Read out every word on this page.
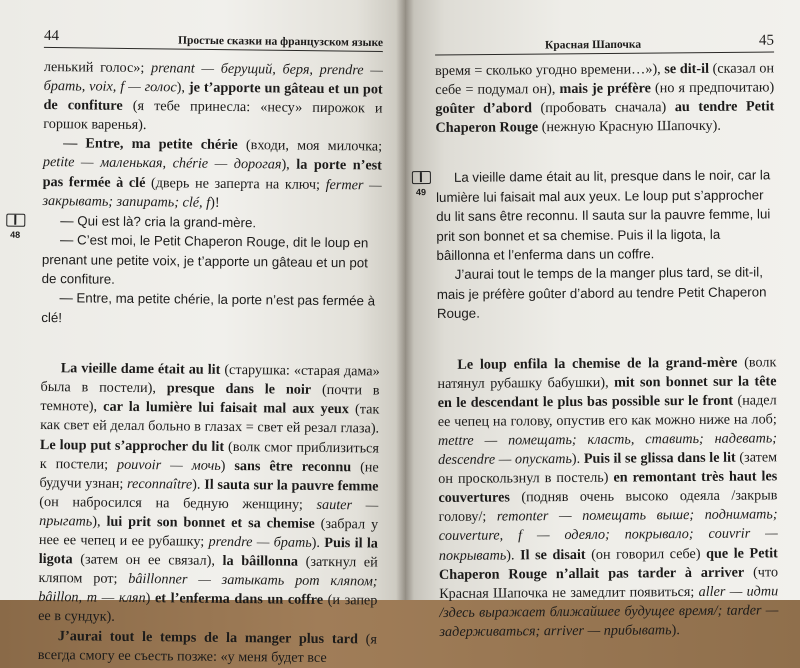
44	Простые сказки на французском языке

ленький голос»; prenant — берущий, беря, prendre — брать, voix, f — голос), je t’apporte un gâteau et un pot de confiture (я тебе принесла: «несу» пирожок и горшок варенья).

— Entre, ma petite chérie (входи, моя милочка; petite — маленькая, chérie — дорогая), la porte n’est pas fermée à clé (дверь не заперта на ключ; fermer — закрывать; запирать; clé, f)!

48

— Qui est là? cria la grand-mère.

— C’est moi, le Petit Chaperon Rouge, dit le loup en prenant une petite voix, je t’apporte un gâteau et un pot de confiture.

— Entre, ma petite chérie, la porte n’est pas fermée à clé!

La vieille dame était au lit (старушка: «старая дама» была в постели), presque dans le noir (почти в темноте), car la lumière lui faisait mal aux yeux (так как свет ей делал больно в глазах = свет ей резал глаза). Le loup put s’approcher du lit (волк смог приблизиться к постели; pouvoir — мочь) sans être reconnu (не будучи узнан; reconnaître). Il sauta sur la pauvre femme (он набросился на бедную женщину; sauter — прыгать), lui prit son bonnet et sa chemise (забрал у нее ее чепец и ее рубашку; prendre — брать). Puis il la ligota (затем он ее связал), la bâillonna (заткнул ей кляпом рот; bâillonner — затыкать рот кляпом; bâillon, m — кляп) et l’enferma dans un coffre (и запер ее в сундук).

J’aurai tout le temps de la manger plus tard (я всегда смогу ее съесть позже: «у меня будет все

Красная Шапочка	45

время = сколько угодно времени…»), se dit-il (сказал он себе = подумал он), mais je préfère (но я предпочитаю) goûter d’abord (пробовать сначала) au tendre Petit Chaperon Rouge (нежную Красную Шапочку).

49

La vieille dame était au lit, presque dans le noir, car la lumière lui faisait mal aux yeux. Le loup put s’approcher du lit sans être reconnu. Il sauta sur la pauvre femme, lui prit son bonnet et sa chemise. Puis il la ligota, la bâillonna et l’enferma dans un coffre.

J’aurai tout le temps de la manger plus tard, se dit-il, mais je préfère goûter d’abord au tendre Petit Chaperon Rouge.

Le loup enfila la chemise de la grand-mère (волк натянул рубашку бабушки), mit son bonnet sur la tête en le descendant le plus bas possible sur le front (надел ее чепец на голову, опустив его как можно ниже на лоб; mettre — помещать; класть, ставить; надевать; descendre — опускать). Puis il se glissa dans le lit (затем он проскользнул в постель) en remontant très haut les couvertures (подняв очень высоко одеяла /закрыв голову/; remonter — помещать выше; поднимать; couverture, f — одеяло; покрывало; couvrir — покрывать). Il se disait (он говорил себе) que le Petit Chaperon Rouge n’allait pas tarder à arriver (что Красная Шапочка не замедлит появиться; aller — идти /здесь выражает ближайшее будущее время/; tarder — задерживаться; arriver — прибывать).
